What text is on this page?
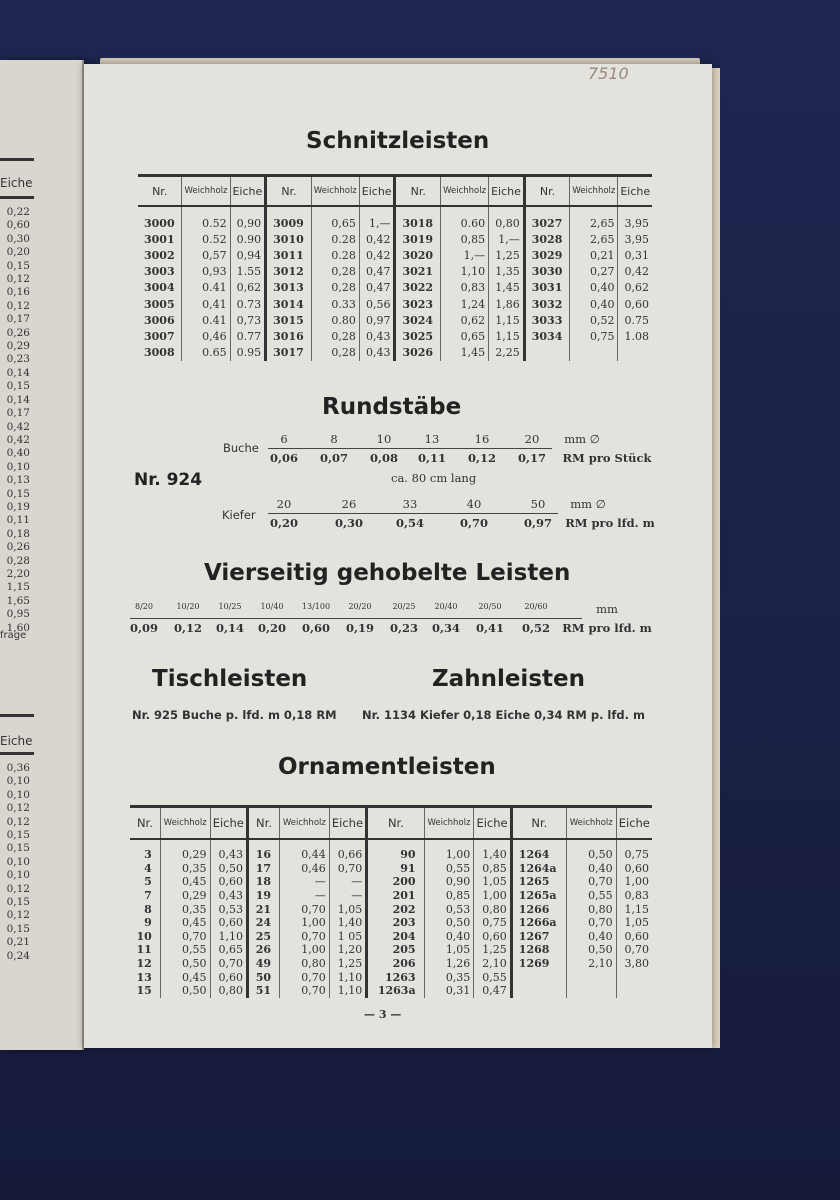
Eiche
0,22
0,60
0,30
0,20
0,15
0,12
0,16
0,12
0,17
0,26
0,29
0,23
0,14
0,15
0,14
0,17
0,42
0,42
0,40
0,10
0,13
0,15
0,19
0,11
0,18
0,26
0,28
2,20
1,15
1,65
0,95
1,60
frage
Eiche
0,36
0,10
0,10
0,12
0,12
0,15
0,15
0,10
0,10
0,12
0,15
0,12
0,15
0,21
0,24
7510
Schnitzleisten
Nr.	Weichholz	Eiche	Nr.	Weichholz	Eiche	Nr.	Weichholz	Eiche	Nr.	Weichholz	Eiche
3000	0.52	0,90	3009	0,65	1,—	3018	0.60	0,80	3027	2,65	3,95
3001	0.52	0.90	3010	0.28	0,42	3019	0,85	1,—	3028	2,65	3,95
3002	0,57	0,94	3011	0.28	0,42	3020	1,—	1,25	3029	0,21	0,31
3003	0,93	1.55	3012	0,28	0,47	3021	1,10	1,35	3030	0,27	0,42
3004	0.41	0,62	3013	0,28	0,47	3022	0,83	1,45	3031	0,40	0,62
3005	0,41	0.73	3014	0.33	0,56	3023	1,24	1,86	3032	0,40	0,60
3006	0.41	0,73	3015	0.80	0,97	3024	0,62	1,15	3033	0,52	0.75
3007	0,46	0.77	3016	0,28	0,43	3025	0,65	1,15	3034	0,75	1.08
3008	0.65	0.95	3017	0,28	0,43	3026	1,45	2,25			
Rundstäbe
Nr. 924
Buche
6	8	10	13	16	20 mm ∅
0,06 0,07 0,08 0,11 0,12 0,17 RM pro Stück
ca. 80 cm lang
Kiefer
20	26	33	40	50 mm ∅
0,20	0,30	0,54	0,70	0,97 RM pro lfd. m
Vierseitig gehobelte Leisten
8/20	10/20 10/25 10/40 13/100 20/20	20/25 20/40	20/50	20/60	mm
0,09 0,12 0,14 0,20 0,60 0,19 0,23 0,34 0,41 0,52 RM pro lfd. m
Tischleisten
Nr. 925 Buche p. lfd. m 0,18 RM
Zahnleisten
Nr. 1134 Kiefer 0,18 Eiche 0,34 RM p. lfd. m
Ornamentleisten
Nr.	Weichholz	Eiche	Nr.	Weichholz	Eiche	Nr.	Weichholz	Eiche	Nr.	Weichholz	Eiche
3	0,29	0,43	16	0,44	0,66	90	1,00	1,40	1264	0,50	0,75
4	0,35	0,50	17	0,46	0,70	91	0,55	0,85	1264a	0,40	0,60
5	0,45	0,60	18	—	—	200	0,90	1,05	1265	0,70	1,00
7	0,29	0,43	19	—	—	201	0,85	1,00	1265a	0,55	0,83
8	0,35	0,53	21	0,70	1,05	202	0,53	0,80	1266	0,80	1,15
9	0,45	0,60	24	1,00	1,40	203	0,50	0,75	1266a	0,70	1,05
10	0,70	1,10	25	0,70	1 05	204	0,40	0,60	1267	0,40	0,60
11	0,55	0,65	26	1,00	1,20	205	1,05	1,25	1268	0,50	0,70
12	0,50	0,70	49	0,80	1,25	206	1,26	2,10	1269	2,10	3,80
13	0,45	0,60	50	0,70	1,10	1263	0,35	0,55			
15	0,50	0,80	51	0,70	1,10	1263a	0,31	0,47			
— 3 —
